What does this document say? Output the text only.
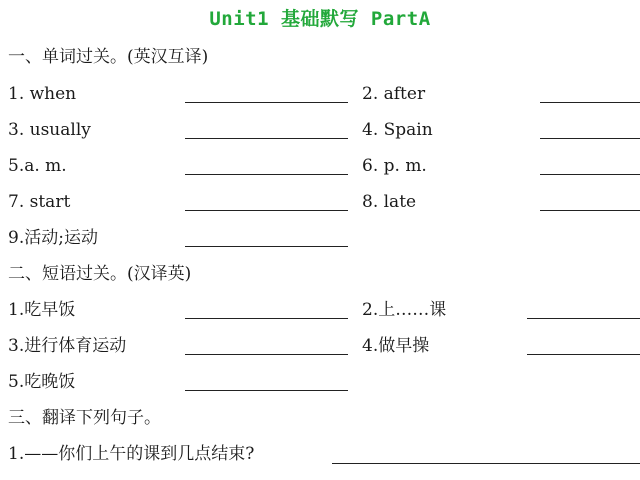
Unit1 基础默写 PartA
一、单词过关。(英汉互译)
1. when	2. after
3. usually	4. Spain
5.a. m.	6. p. m.
7. start	8. late
9.活动;运动
二、短语过关。(汉译英)
1.吃早饭	2.上……课
3.进行体育运动	4.做早操
5.吃晚饭
三、翻译下列句子。
1.——你们上午的课到几点结束?
